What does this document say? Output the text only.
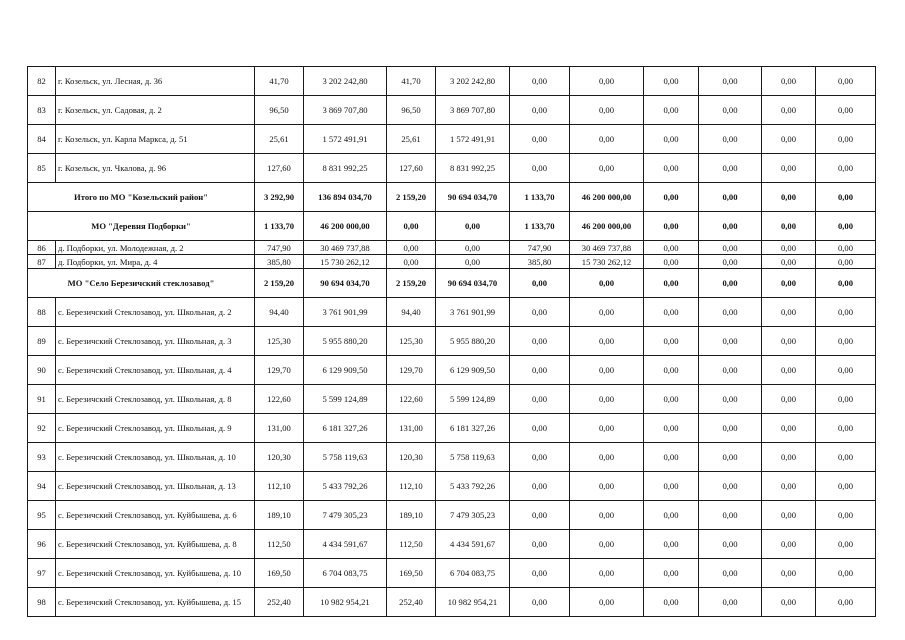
82	г. Козельск, ул. Лесная, д. 36	41,70	3 202 242,80	41,70	3 202 242,80	0,00	0,00	0,00	0,00	0,00	0,00
83	г. Козельск, ул. Садовая, д. 2	96,50	3 869 707,80	96,50	3 869 707,80	0,00	0,00	0,00	0,00	0,00	0,00
84	г. Козельск, ул. Карла Маркса, д. 51	25,61	1 572 491,91	25,61	1 572 491,91	0,00	0,00	0,00	0,00	0,00	0,00
85	г. Козельск, ул. Чкалова, д. 96	127,60	8 831 992,25	127,60	8 831 992,25	0,00	0,00	0,00	0,00	0,00	0,00
Итого по МО "Козельский район"		3 292,90	136 894 034,70	2 159,20	90 694 034,70	1 133,70	46 200 000,00	0,00	0,00	0,00	0,00
МО "Деревня Подборки"		1 133,70	46 200 000,00	0,00	0,00	1 133,70	46 200 000,00	0,00	0,00	0,00	0,00
86	д. Подборки, ул. Молодежная, д. 2	747,90	30 469 737,88	0,00	0,00	747,90	30 469 737,88	0,00	0,00	0,00	0,00
87	д. Подборки, ул. Мира, д. 4	385,80	15 730 262,12	0,00	0,00	385,80	15 730 262,12	0,00	0,00	0,00	0,00
МО "Село Березичский стеклозавод"		2 159,20	90 694 034,70	2 159,20	90 694 034,70	0,00	0,00	0,00	0,00	0,00	0,00
88	с. Березичский Стеклозавод, ул. Школьная, д. 2	94,40	3 761 901,99	94,40	3 761 901,99	0,00	0,00	0,00	0,00	0,00	0,00
89	с. Березичский Стеклозавод, ул. Школьная, д. 3	125,30	5 955 880,20	125,30	5 955 880,20	0,00	0,00	0,00	0,00	0,00	0,00
90	с. Березичский Стеклозавод, ул. Школьная, д. 4	129,70	6 129 909,50	129,70	6 129 909,50	0,00	0,00	0,00	0,00	0,00	0,00
91	с. Березичский Стеклозавод, ул. Школьная, д. 8	122,60	5 599 124,89	122,60	5 599 124,89	0,00	0,00	0,00	0,00	0,00	0,00
92	с. Березичский Стеклозавод, ул. Школьная, д. 9	131,00	6 181 327,26	131,00	6 181 327,26	0,00	0,00	0,00	0,00	0,00	0,00
93	с. Березичский Стеклозавод, ул. Школьная, д. 10	120,30	5 758 119,63	120,30	5 758 119,63	0,00	0,00	0,00	0,00	0,00	0,00
94	с. Березичский Стеклозавод, ул. Школьная, д. 13	112,10	5 433 792,26	112,10	5 433 792,26	0,00	0,00	0,00	0,00	0,00	0,00
95	с. Березичский Стеклозавод, ул. Куйбышева, д. 6	189,10	7 479 305,23	189,10	7 479 305,23	0,00	0,00	0,00	0,00	0,00	0,00
96	с. Березичский Стеклозавод, ул. Куйбышева, д. 8	112,50	4 434 591,67	112,50	4 434 591,67	0,00	0,00	0,00	0,00	0,00	0,00
97	с. Березичский Стеклозавод, ул. Куйбышева, д. 10	169,50	6 704 083,75	169,50	6 704 083,75	0,00	0,00	0,00	0,00	0,00	0,00
98	с. Березичский Стеклозавод, ул. Куйбышева, д. 15	252,40	10 982 954,21	252,40	10 982 954,21	0,00	0,00	0,00	0,00	0,00	0,00
